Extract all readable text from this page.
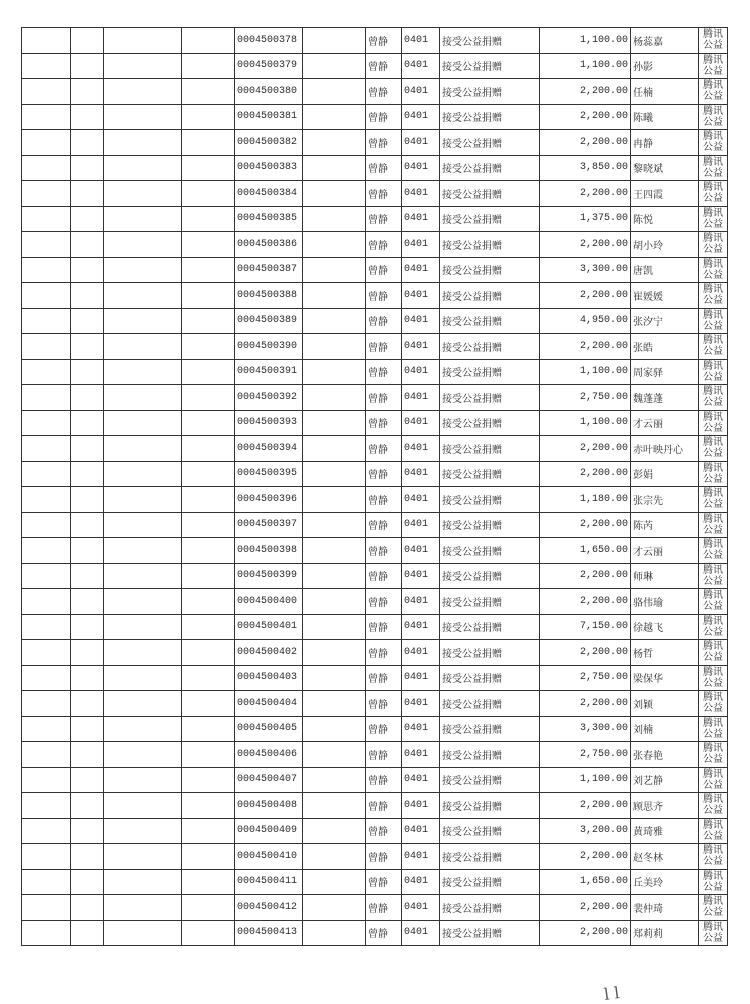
				0004500378		曾静	0401	接受公益捐赠	1,100.00	杨蕊嘉	腾讯
公益

				0004500379		曾静	0401	接受公益捐赠	1,100.00	孙影	腾讯
公益

				0004500380		曾静	0401	接受公益捐赠	2,200.00	任楠	腾讯
公益

				0004500381		曾静	0401	接受公益捐赠	2,200.00	陈曦	腾讯
公益

				0004500382		曾静	0401	接受公益捐赠	2,200.00	冉静	腾讯
公益

				0004500383		曾静	0401	接受公益捐赠	3,850.00	黎晓斌	腾讯
公益

				0004500384		曾静	0401	接受公益捐赠	2,200.00	王四霞	腾讯
公益

				0004500385		曾静	0401	接受公益捐赠	1,375.00	陈悦	腾讯
公益

				0004500386		曾静	0401	接受公益捐赠	2,200.00	胡小玲	腾讯
公益

				0004500387		曾静	0401	接受公益捐赠	3,300.00	唐凯	腾讯
公益

				0004500388		曾静	0401	接受公益捐赠	2,200.00	崔媛媛	腾讯
公益

				0004500389		曾静	0401	接受公益捐赠	4,950.00	张汐宁	腾讯
公益

				0004500390		曾静	0401	接受公益捐赠	2,200.00	张皓	腾讯
公益

				0004500391		曾静	0401	接受公益捐赠	1,100.00	周家驿	腾讯
公益

				0004500392		曾静	0401	接受公益捐赠	2,750.00	魏蓬蓬	腾讯
公益

				0004500393		曾静	0401	接受公益捐赠	1,100.00	才云丽	腾讯
公益

				0004500394		曾静	0401	接受公益捐赠	2,200.00	赤叶映丹心	腾讯
公益

				0004500395		曾静	0401	接受公益捐赠	2,200.00	彭娟	腾讯
公益

				0004500396		曾静	0401	接受公益捐赠	1,180.00	张宗先	腾讯
公益

				0004500397		曾静	0401	接受公益捐赠	2,200.00	陈芮	腾讯
公益

				0004500398		曾静	0401	接受公益捐赠	1,650.00	才云丽	腾讯
公益

				0004500399		曾静	0401	接受公益捐赠	2,200.00	师琳	腾讯
公益

				0004500400		曾静	0401	接受公益捐赠	2,200.00	骆伟瑜	腾讯
公益

				0004500401		曾静	0401	接受公益捐赠	7,150.00	徐越飞	腾讯
公益

				0004500402		曾静	0401	接受公益捐赠	2,200.00	杨哲	腾讯
公益

				0004500403		曾静	0401	接受公益捐赠	2,750.00	梁保华	腾讯
公益

				0004500404		曾静	0401	接受公益捐赠	2,200.00	刘颖	腾讯
公益

				0004500405		曾静	0401	接受公益捐赠	3,300.00	刘楠	腾讯
公益

				0004500406		曾静	0401	接受公益捐赠	2,750.00	张春艳	腾讯
公益

				0004500407		曾静	0401	接受公益捐赠	1,100.00	刘艺静	腾讯
公益

				0004500408		曾静	0401	接受公益捐赠	2,200.00	顾思齐	腾讯
公益

				0004500409		曾静	0401	接受公益捐赠	3,200.00	黄琦雅	腾讯
公益

				0004500410		曾静	0401	接受公益捐赠	2,200.00	赵冬林	腾讯
公益

				0004500411		曾静	0401	接受公益捐赠	1,650.00	丘美玲	腾讯
公益

				0004500412		曾静	0401	接受公益捐赠	2,200.00	裴仲琦	腾讯
公益

				0004500413		曾静	0401	接受公益捐赠	2,200.00	郑莉莉	腾讯
公益
l l
